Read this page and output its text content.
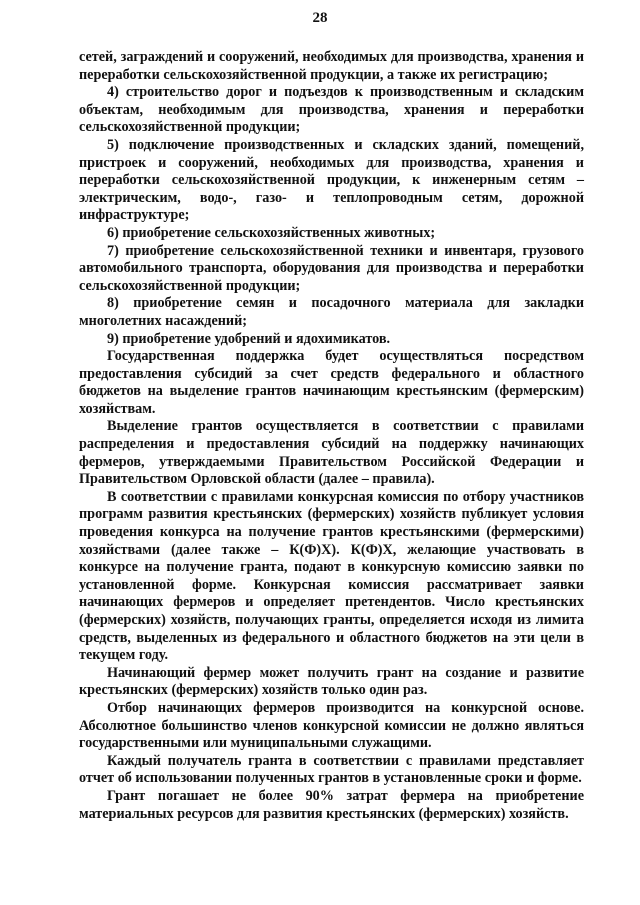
28

сетей, заграждений и сооружений, необходимых для производства, хранения и переработки сельскохозяйственной продукции, а также их регистрацию;

4) строительство дорог и подъездов к производственным и складским объектам, необходимым для производства, хранения и переработки сельскохозяйственной продукции;

5) подключение производственных и складских зданий, помещений, пристроек и сооружений, необходимых для производства, хранения и переработки сельскохозяйственной продукции, к инженерным сетям – электрическим, водо-, газо- и теплопроводным сетям, дорожной инфраструктуре;

6) приобретение сельскохозяйственных животных;

7) приобретение сельскохозяйственной техники и инвентаря, грузового автомобильного транспорта, оборудования для производства и переработки сельскохозяйственной продукции;

8) приобретение семян и посадочного материала для закладки многолетних насаждений;

9) приобретение удобрений и ядохимикатов.

Государственная поддержка будет осуществляться посредством предоставления субсидий за счет средств федерального и областного бюджетов на выделение грантов начинающим крестьянским (фермерским) хозяйствам.

Выделение грантов осуществляется в соответствии с правилами распределения и предоставления субсидий на поддержку начинающих фермеров, утверждаемыми Правительством Российской Федерации и Правительством Орловской области (далее – правила).

В соответствии с правилами конкурсная комиссия по отбору участников программ развития крестьянских (фермерских) хозяйств публикует условия проведения конкурса на получение грантов крестьянскими (фермерскими) хозяйствами (далее также – К(Ф)Х). К(Ф)Х, желающие участвовать в конкурсе на получение гранта, подают в конкурсную комиссию заявки по установленной форме. Конкурсная комиссия рассматривает заявки начинающих фермеров и определяет претендентов. Число крестьянских (фермерских) хозяйств, получающих гранты, определяется исходя из лимита средств, выделенных из федерального и областного бюджетов на эти цели в текущем году.

Начинающий фермер может получить грант на создание и развитие крестьянских (фермерских) хозяйств только один раз.

Отбор начинающих фермеров производится на конкурсной основе. Абсолютное большинство членов конкурсной комиссии не должно являться государственными или муниципальными служащими.

Каждый получатель гранта в соответствии с правилами представляет отчет об использовании полученных грантов в установленные сроки и форме.

Грант погашает не более 90% затрат фермера на приобретение материальных ресурсов для развития крестьянских (фермерских) хозяйств.
